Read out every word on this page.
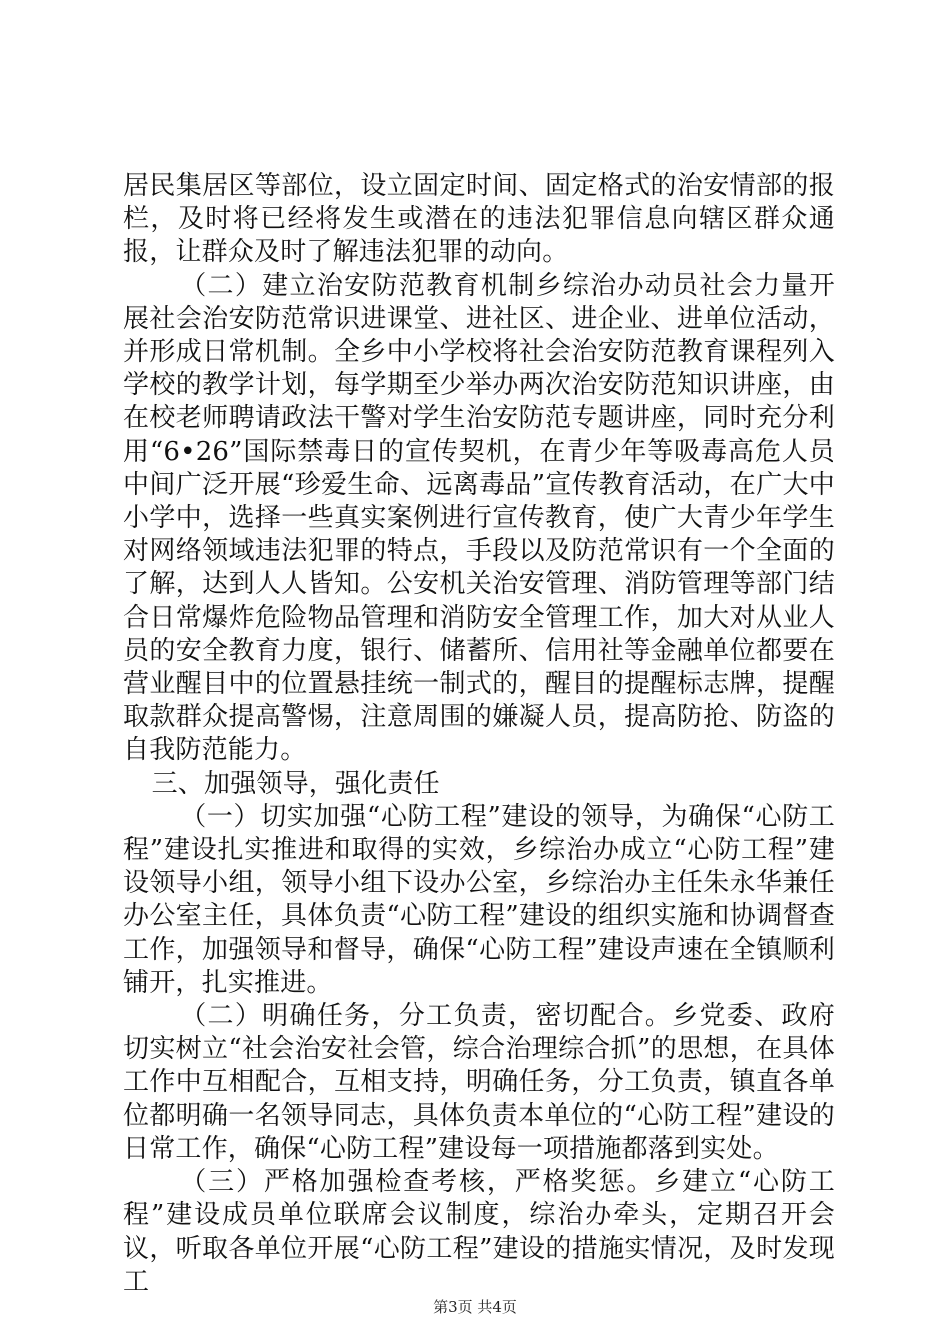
居民集居区等部位，设立固定时间、固定格式的治安情部的报栏，及时将已经将发生或潜在的违法犯罪信息向辖区群众通报，让群众及时了解违法犯罪的动向。

（二）建立治安防范教育机制乡综治办动员社会力量开展社会治安防范常识进课堂、进社区、进企业、进单位活动，并形成日常机制。全乡中小学校将社会治安防范教育课程列入学校的教学计划，每学期至少举办两次治安防范知识讲座，由在校老师聘请政法干警对学生治安防范专题讲座，同时充分利用“6•26”国际禁毒日的宣传契机，在青少年等吸毒高危人员中间广泛开展“珍爱生命、远离毒品”宣传教育活动，在广大中小学中，选择一些真实案例进行宣传教育，使广大青少年学生对网络领域违法犯罪的特点，手段以及防范常识有一个全面的了解，达到人人皆知。公安机关治安管理、消防管理等部门结合日常爆炸危险物品管理和消防安全管理工作，加大对从业人员的安全教育力度，银行、储蓄所、信用社等金融单位都要在营业醒目中的位置悬挂统一制式的，醒目的提醒标志牌，提醒取款群众提高警惕，注意周围的嫌凝人员，提高防抢、防盗的自我防范能力。

三、加强领导，强化责任

（一）切实加强“心防工程”建设的领导，为确保“心防工程”建设扎实推进和取得的实效，乡综治办成立“心防工程”建设领导小组，领导小组下设办公室，乡综治办主任朱永华兼任办公室主任，具体负责“心防工程”建设的组织实施和协调督查工作，加强领导和督导，确保“心防工程”建设声速在全镇顺利铺开，扎实推进。

（二）明确任务，分工负责，密切配合。乡党委、政府切实树立“社会治安社会管，综合治理综合抓”的思想，在具体工作中互相配合，互相支持，明确任务，分工负责，镇直各单位都明确一名领导同志，具体负责本单位的“心防工程”建设的日常工作，确保“心防工程”建设每一项措施都落到实处。

（三）严格加强检查考核，严格奖惩。乡建立“心防工程”建设成员单位联席会议制度，综治办牵头，定期召开会议，听取各单位开展“心防工程”建设的措施实情况，及时发现工

第3页 共4页
